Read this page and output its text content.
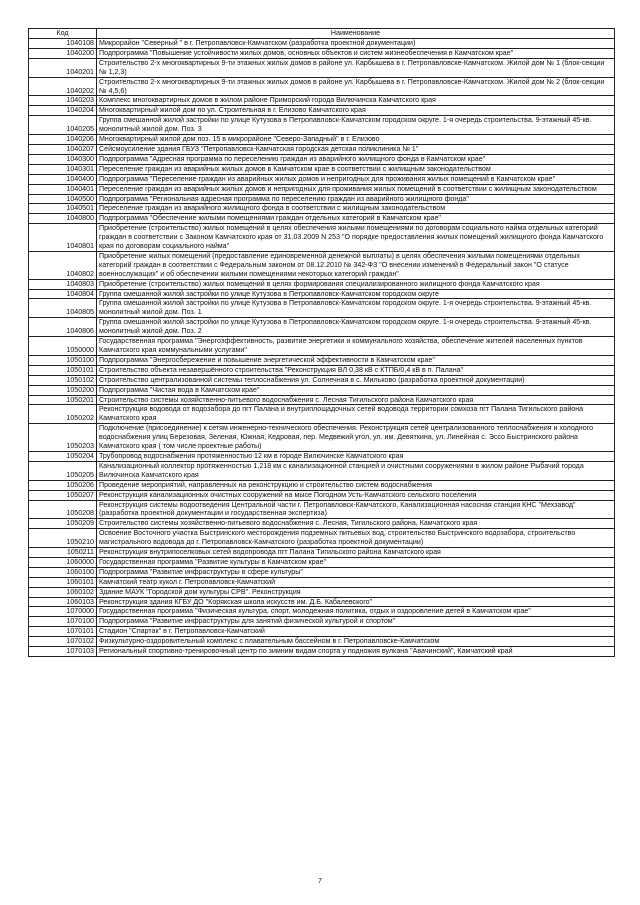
Код	Наименование
1040108	Микрорайон "Северный " в г. Петропавловск-Камчатском (разработка проектной документации)
1040200	Подпрограмма "Повышение устойчивости жилых домов, основных объектов и систем жизнеобеспечения в Камчатском крае"
1040201	Строительство 2-х многоквартирных 9-ти этажных жилых домов в районе ул. Карбышева в г. Петропавловске-Камчатском. Жилой дом № 1 (блок-секции № 1,2,3)
1040202	Строительство 2-х многоквартирных 9-ти этажных жилых домов в районе ул. Карбышева в г. Петропавловске-Камчатском. Жилой дом № 2 (блок-секции № 4,5,6)
1040203	Комплекс многоквартирных домов в жилом районе Приморский города Вилючинска Камчатского края
1040204	Многоквартирный жилой дом по ул. Строительная в г. Елизово Камчатского края
1040205	Группа смешанной жилой застройки по улице Кутузова в Петропавловск-Камчатском городском округе. 1-я очередь строительства. 9-этажный 45-кв. монолитный жилой дом. Поз. 3
1040206	Многоквартирный жилой дом поз. 15 в микрорайоне "Северо-Западный" в г. Елизово
1040207	Сейсмоусиление здания ГБУЗ "Петропавловск-Камчатская городская детская поликлиника № 1"
1040300	Подпрограмма "Адресная программа по переселению граждан из аварийного жилищного фонда в Камчатском крае"
1040301	Переселение граждан из аварийных жилых домов в Камчатском крае в соответствии с жилищным законодательством
1040400	Подпрограмма "Переселение граждан из аварийных жилых домов и непригодных для проживания жилых помещений в Камчатском крае"
1040401	Переселение граждан из аварийных жилых домов и непригодных для проживания жилых помещений в соответствии с жилищным законодательством
1040500	Подпрограмма "Региональная адресная программа по переселению граждан из аварийного жилищного фонда"
1040501	Переселение граждан из аварийного жилищного фонда в соответствии с жилищным законодательством
1040800	Подпрограмма "Обеспечение жилыми помещениями граждан отдельных категорий в Камчатском крае"
1040801	Приобретение (строительство) жилых помещений в целях обеспечения жилыми помещениями по договорам социального найма отдельных категорий граждан в соответствии с Законом Камчатского края от 31.03.2009 N 253 "О порядке предоставления жилых помещений жилищного фонда Камчатского края по договорам социального найма"
1040802	Приобретение жилых помещений (предоставление единовременной денежной выплаты) в целях обеспечения жилыми помещениями отдельных категорий граждан в соответствии с Федеральным законом от 08.12.2010 № 342-ФЗ "О внесении изменений в Федеральный закон "О статусе военнослужащих" и об обеспечении жилыми помещениями некоторых категорий граждан"
1040803	Приобретение (строительство) жилых помещений в целях формирования специализированного жилищного фонда Камчатского края
1040804	Группа смешанной жилой застройки по улице Кутузова в Петропавловск-Камчатском городском округе
1040805	Группа смешанной жилой застройки по улице Кутузова в Петропавловск-Камчатском городском округе. 1-я очередь строительства. 9-этажный 45-кв. монолитный жилой дом. Поз. 1
1040806	Группа смешанной жилой застройки по улице Кутузова в Петропавловск-Камчатском городском округе. 1-я очередь строительства. 9-этажный 45-кв. монолитный жилой дом. Поз. 2
1050000	Государственная программа "Энергоэффективность, развитие энергетики и коммунального хозяйства, обеспечение жителей населенных пунктов Камчатского края коммунальными услугами"
1050100	Подпрограмма "Энергосбережение и повышение энергетической эффективности в Камчатском крае"
1050101	Строительство объекта незавершённого строительства "Реконструкция ВЛ 0,38 кВ с КТПБ/0,4 кВ в п. Палана"
1050102	Строительство централизованной системы теплоснабжения ул. Солнечная в с. Мильково (разработка проектной документации)
1050200	Подпрограмма "Чистая вода в Камчатском крае"
1050201	Строительство системы хозяйственно-питьевого водоснабжения с. Лесная Тигильского района Камчатского края
1050202	Реконструкция водовода от водозабора до пгт Палана и внутриплощадочных сетей водовода территории сомхоза пгт Палана Тигильского района Камчатского края
1050203	Подключение (присоединение) к сетям инженерно-технического обеспечения. Реконструкция сетей централизованного теплоснабжения и холодного водоснабжения улиц Березовая, Зеленая, Южная, Кедровая, пер. Медвежий угол, ул. им. Девяткина, ул. Линейная с. Эссо Быстринского района Камчатского края ( том числе проектные работы)
1050204	Трубопровод водоснабжения протяженностью 12 км в городе Вилючинске Камчатского края
1050205	Канализационный коллектор протяженностью 1,218 км с канализационной станцией и очистными сооружениями в жилом районе Рыбачий города Вилючинска Камчатского края
1050206	Проведение мероприятий, направленных на реконструкцию и строительство систем водоснабжения
1050207	Реконструкция канализационных очистных сооружений на мысе Погодном Усть-Камчатского сельского поселения
1050208	Реконструкция системы водоотведения Центральной части г. Петропавловск-Камчатского, Канализационная насосная станция КНС "Мехзавод" (разработка проектной документации и государственная экспертиза)
1050209	Строительство системы хозяйственно-питьевого водоснабжения с. Лесная, Тигильского района, Камчатского края
1050210	Освоение Восточного участка Быстринского месторождения подземных питьевых вод, строительство Быстринского водозабора, строительство магистрального водовода до г. Петропавловск-Камчатского (разработка проектной документации)
1050211	Реконструкция внутрипоселковых сетей водопровода пгт Палана Тигильского района Камчатского края
1060000	Государственная программа "Развитие культуры в Камчатском крае"
1060100	Подпрограмма "Развитие инфраструктуры в сфере культуры"
1060101	Камчатский театр кукол г. Петропавловск-Камчатский
1060102	Здание МАУК "Городской дом культуры СРВ". Реконструкция
1060103	Реконструкция здания КГБУ ДО "Корякская школа искусств им. Д.Б. Кабалевского"
1070000	Государственная программа "Физическая культура, спорт, молодежная политика, отдых и оздоровление детей в Камчатском крае"
1070100	Подпрограмма "Развитие инфраструктуры для занятий физической культурой и спортом"
1070101	Стадион "Спартак" в г. Петропавловск-Камчатский
1070102	Физкультурно-оздоровительный комплекс с плавательным бассейном в г. Петропавловске-Камчатском
1070103	Региональный спортивно-тренировочный центр по зимним видам спорта у подножия вулкана "Авачинский", Камчатский край
7
